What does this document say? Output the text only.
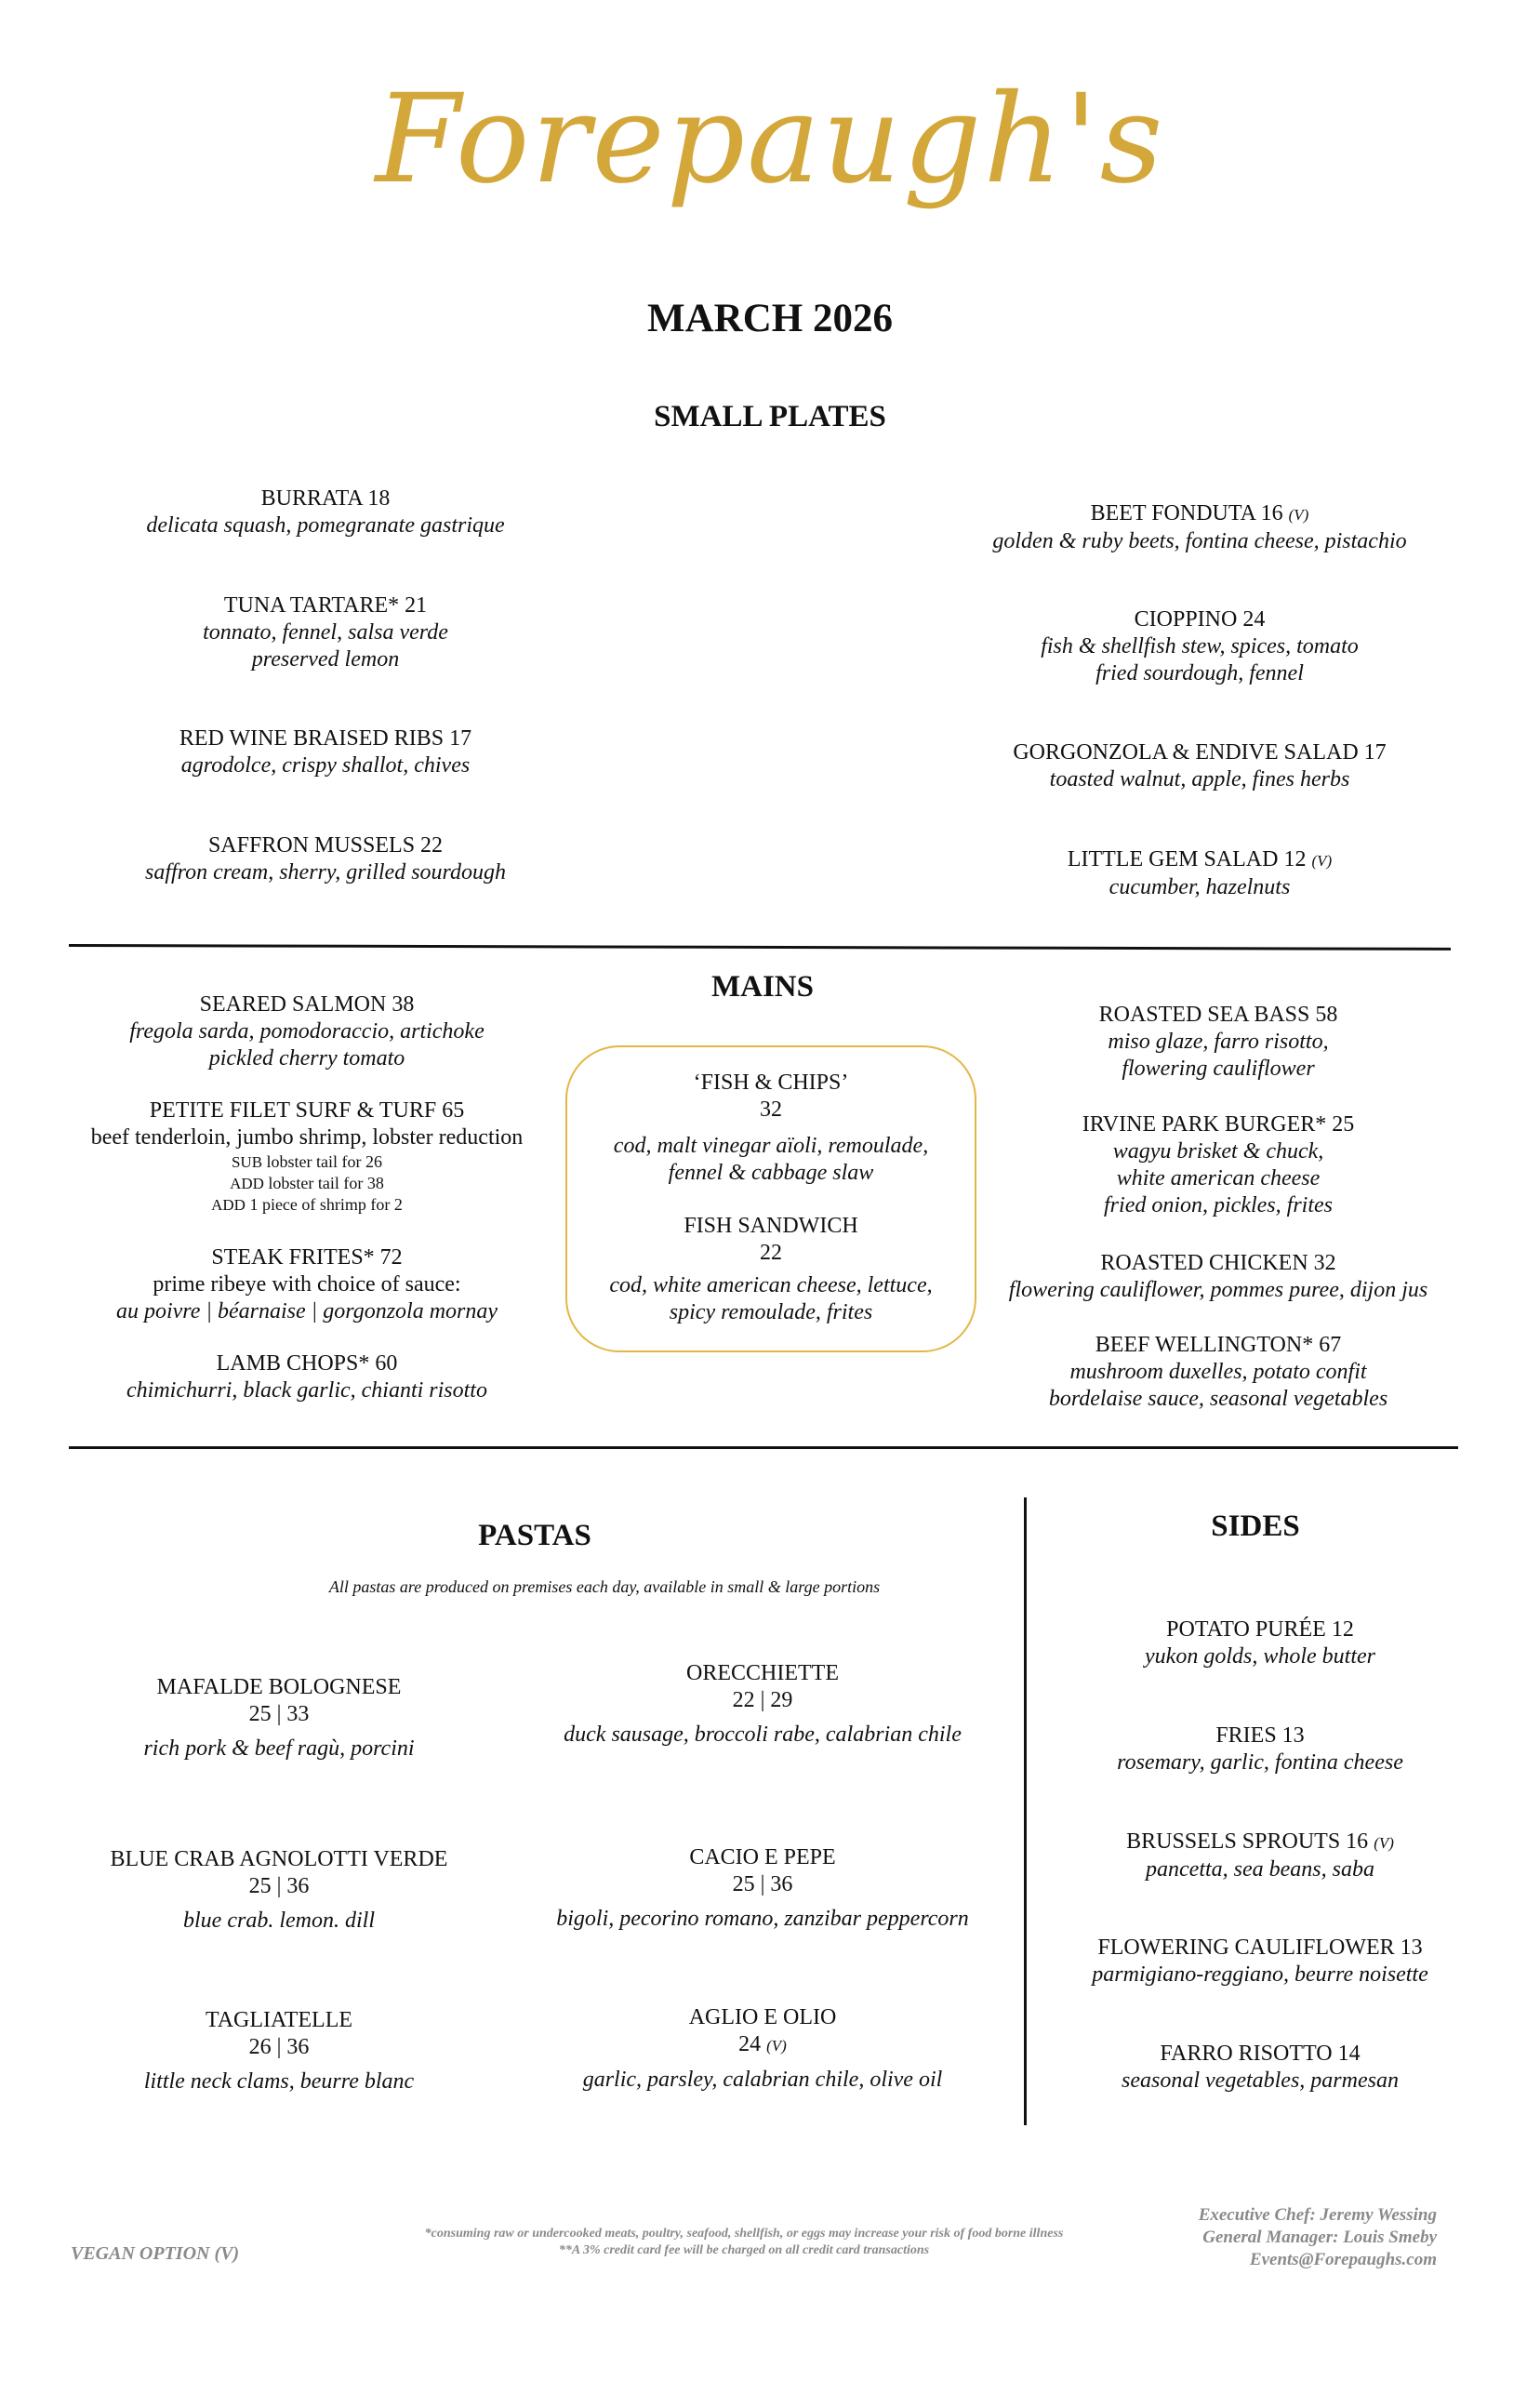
Forepaugh's
MARCH 2026
SMALL PLATES
BURRATA 18
delicata squash, pomegranate gastrique
TUNA TARTARE* 21
tonnato, fennel, salsa verde
preserved lemon
RED WINE BRAISED RIBS 17
agrodolce, crispy shallot, chives
SAFFRON MUSSELS 22
saffron cream, sherry, grilled sourdough
BEET FONDUTA 16 (V)
golden & ruby beets, fontina cheese, pistachio
CIOPPINO 24
fish & shellfish stew, spices, tomato
fried sourdough, fennel
GORGONZOLA & ENDIVE SALAD 17
toasted walnut, apple, fines herbs
LITTLE GEM SALAD 12 (V)
cucumber, hazelnuts
MAINS
SEARED SALMON 38
fregola sarda, pomodoraccio, artichoke
pickled cherry tomato
PETITE FILET SURF & TURF 65
beef tenderloin, jumbo shrimp, lobster reduction
SUB lobster tail for 26
ADD lobster tail for 38
ADD 1 piece of shrimp for 2
STEAK FRITES* 72
prime ribeye with choice of sauce:
au poivre | béarnaise | gorgonzola mornay
LAMB CHOPS* 60
chimichurri, black garlic, chianti risotto
‘FISH & CHIPS’
32
cod, malt vinegar aïoli, remoulade,
fennel & cabbage slaw
FISH SANDWICH
22
cod, white american cheese, lettuce,
spicy remoulade, frites
ROASTED SEA BASS 58
miso glaze, farro risotto,
flowering cauliflower
IRVINE PARK BURGER* 25
wagyu brisket & chuck,
white american cheese
fried onion, pickles, frites
ROASTED CHICKEN 32
flowering cauliflower, pommes puree, dijon jus
BEEF WELLINGTON* 67
mushroom duxelles, potato confit
bordelaise sauce, seasonal vegetables
PASTAS
All pastas are produced on premises each day, available in small & large portions
MAFALDE BOLOGNESE
25 | 33
rich pork & beef ragù, porcini
ORECCHIETTE
22 | 29
duck sausage, broccoli rabe, calabrian chile
BLUE CRAB AGNOLOTTI VERDE
25 | 36
blue crab. lemon. dill
CACIO E PEPE
25 | 36
bigoli, pecorino romano, zanzibar peppercorn
TAGLIATELLE
26 | 36
little neck clams, beurre blanc
AGLIO E OLIO
24 (V)
garlic, parsley, calabrian chile, olive oil
SIDES
POTATO PURÉE 12
yukon golds, whole butter
FRIES 13
rosemary, garlic, fontina cheese
BRUSSELS SPROUTS 16 (V)
pancetta, sea beans, saba
FLOWERING CAULIFLOWER 13
parmigiano-reggiano, beurre noisette
FARRO RISOTTO 14
seasonal vegetables, parmesan
VEGAN OPTION (V)
*consuming raw or undercooked meats, poultry, seafood, shellfish, or eggs may increase your risk of food borne illness
**A 3% credit card fee will be charged on all credit card transactions
Executive Chef: Jeremy Wessing
General Manager: Louis Smeby
Events@Forepaughs.com
